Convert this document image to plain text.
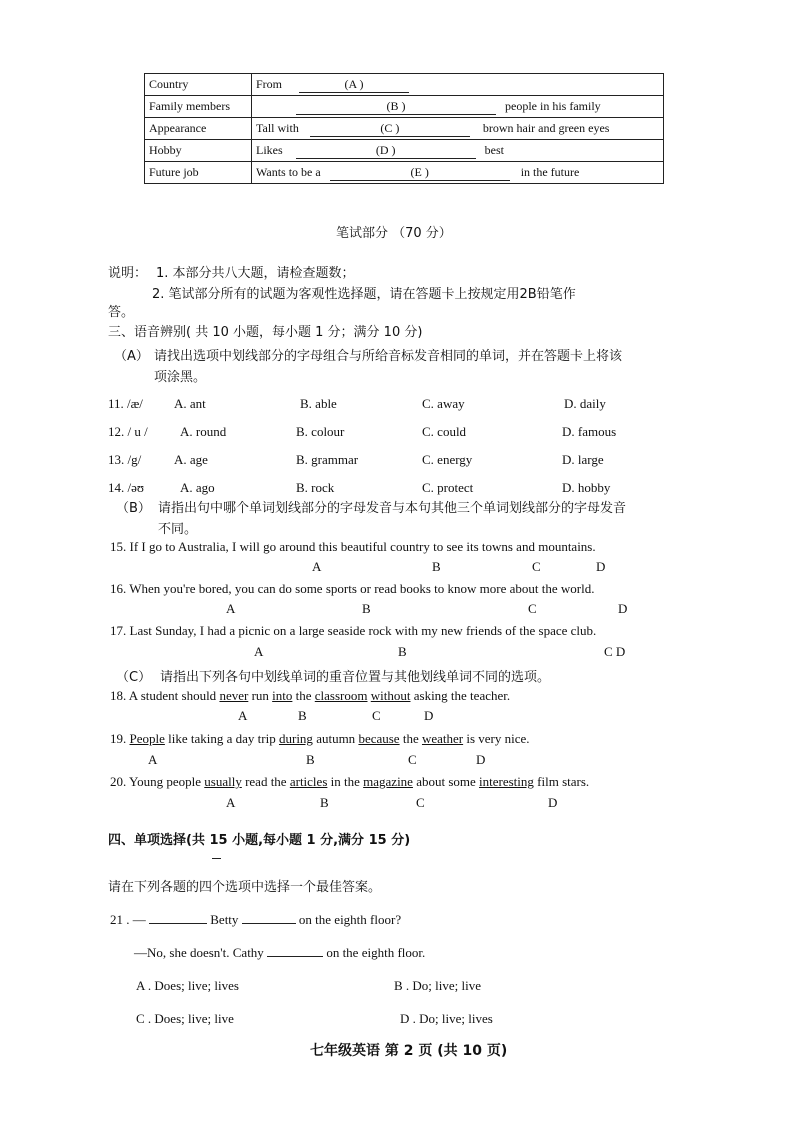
Country	From (A )
Family members	(B ) people in his family
Appearance	Tall with (C ) brown hair and green eyes
Hobby	Likes (D ) best
Future job	Wants to be a (E ) in the future
笔试部分 （70 分）
说明： 1. 本部分共八大题，请检查题数；
2. 笔试部分所有的试题为客观性选择题，请在答题卡上按规定用2B铅笔作
答。
三、语音辨别( 共 10 小题，每小题 1 分；满分 10 分)
（A） 请找出选项中划线部分的字母组合与所给音标发音相同的单词，并在答题卡上将该
项涂黑。
11. /æ/ A. ant	B. able	C. away	D. daily
12. / u / A. round	B. colour	C. could	D. famous
13. /g/	A. age	B. grammar	C. energy	D. large
14. /əʊ	A. ago	B. rock	C. protect	D. hobby
（B） 请指出句中哪个单词划线部分的字母发音与本句其他三个单词划线部分的字母发音
不同。
15. If I go to Australia, I will go around this beautiful country to see its towns and mountains.
A	B	C	D
16. When you're bored, you can do some sports or read books to know more about the world.
A	B	C	D
17. Last Sunday, I had a picnic on a large seaside rock with my new friends of the space club.
A	B	C D
（C） 请指出下列各句中划线单词的重音位置与其他划线单词不同的选项。
18. A student should never run into the classroom without asking the teacher.
A	B	C	D
19. People like taking a day trip during autumn because the weather is very nice.
A	B	C	D
20. Young people usually read the articles in the magazine about some interesting film stars.
A	B	C	D
四、单项选择(共 15 小题,每小题 1 分,满分 15 分)
请在下列各题的四个选项中选择一个最佳答案。
21 . —	Betty	on the eighth floor?
—No, she doesn't. Cathy	on the eighth floor.
A . Does; live; lives	B . Do; live; live
C . Does; live; live	D . Do; live; lives
七年级英语 第 2 页 (共 10 页)
